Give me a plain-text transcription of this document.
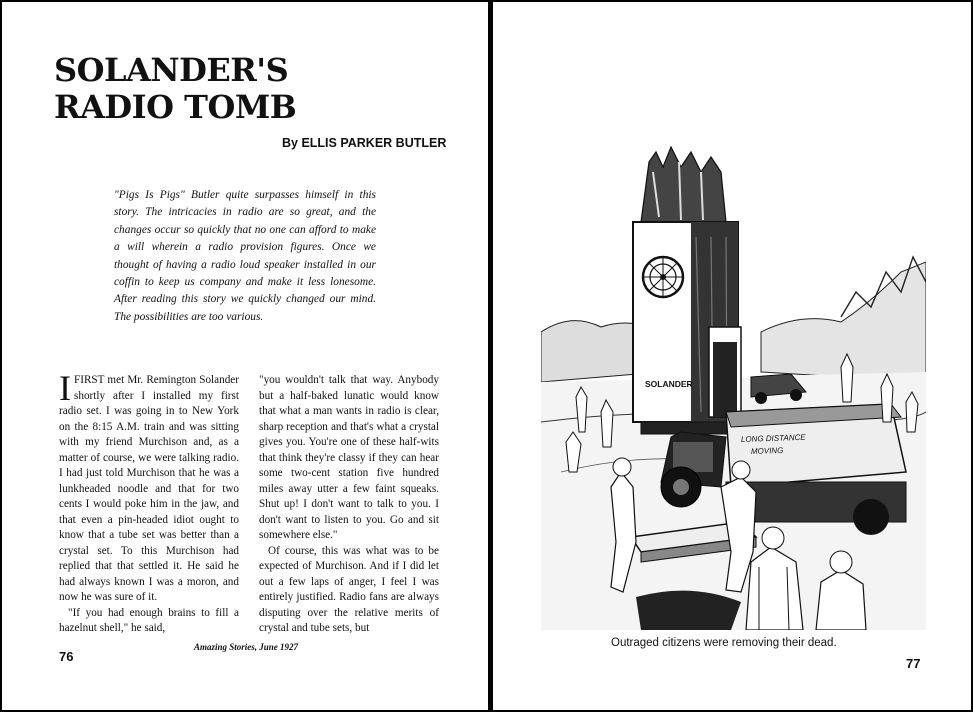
SOLANDER'S
RADIO TOMB
By ELLIS PARKER BUTLER
"Pigs Is Pigs" Butler quite surpasses himself in this story. The intricacies in radio are so great, and the changes occur so quickly that no one can afford to make a will wherein a radio provision figures. Once we thought of having a radio loud speaker installed in our coffin to keep us company and make it less lonesome. After reading this story we quickly changed our mind. The possibilities are too various.

IFIRST met Mr. Remington Solander shortly after I installed my first radio set. I was going in to New York on the 8:15 A.M. train and was sitting with my friend Murchison and, as a matter of course, we were talking radio. I had just told Murchison that he was a lunkheaded noodle and that for two cents I would poke him in the jaw, and that even a pin-headed idiot ought to know that a tube set was better than a crystal set. To this Murchison had replied that that settled it. He said he had always known I was a moron, and now he was sure of it.

"If you had enough brains to fill a hazelnut shell," he said,

"you wouldn't talk that way. Anybody but a half-baked lunatic would know that what a man wants in radio is clear, sharp reception and that's what a crystal gives you. You're one of these half-wits that think they're classy if they can hear some two-cent station five hundred miles away utter a few faint squeaks. Shut up! I don't want to talk to you. I don't want to listen to you. Go and sit somewhere else."

Of course, this was what was to be expected of Murchison. And if I did let out a few laps of anger, I feel I was entirely justified. Radio fans are always disputing over the relative merits of crystal and tube sets, but

76
Amazing Stories, June 1927
SOLANDER
LONG DISTANCE
MOVING
Outraged citizens were removing their dead.
77
